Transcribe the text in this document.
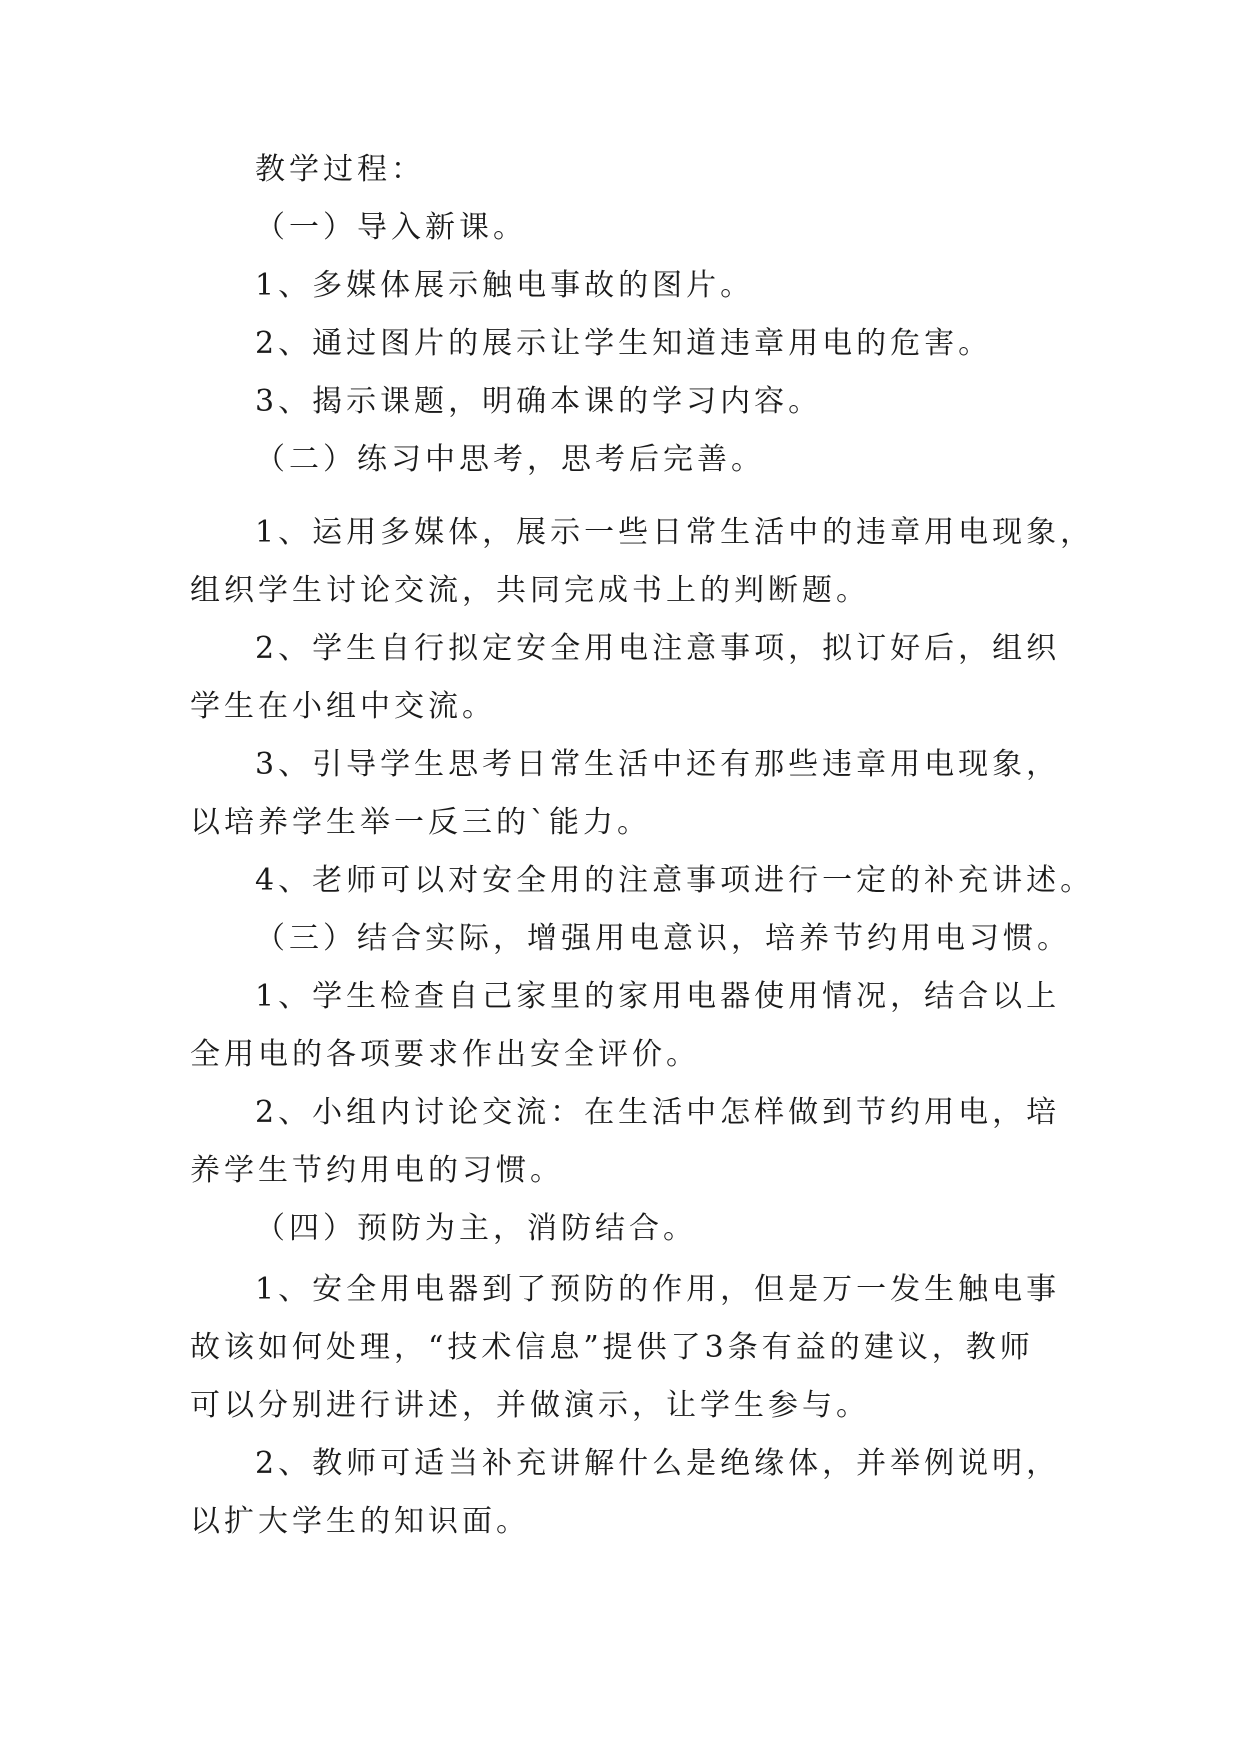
教学过程：

（一）导入新课。

1、多媒体展示触电事故的图片。

2、通过图片的展示让学生知道违章用电的危害。

3、揭示课题，明确本课的学习内容。

（二）练习中思考，思考后完善。

1、运用多媒体，展示一些日常生活中的违章用电现象，

组织学生讨论交流，共同完成书上的判断题。

2、学生自行拟定安全用电注意事项，拟订好后，组织

学生在小组中交流。

3、引导学生思考日常生活中还有那些违章用电现象，

以培养学生举一反三的`能力。

4、老师可以对安全用的注意事项进行一定的补充讲述。

（三）结合实际，增强用电意识，培养节约用电习惯。

1、学生检查自己家里的家用电器使用情况，结合以上

全用电的各项要求作出安全评价。

2、小组内讨论交流：在生活中怎样做到节约用电，培

养学生节约用电的习惯。

（四）预防为主，消防结合。

1、安全用电器到了预防的作用，但是万一发生触电事

故该如何处理，“技术信息”提供了3条有益的建议，教师

可以分别进行讲述，并做演示，让学生参与。

2、教师可适当补充讲解什么是绝缘体，并举例说明，

以扩大学生的知识面。
